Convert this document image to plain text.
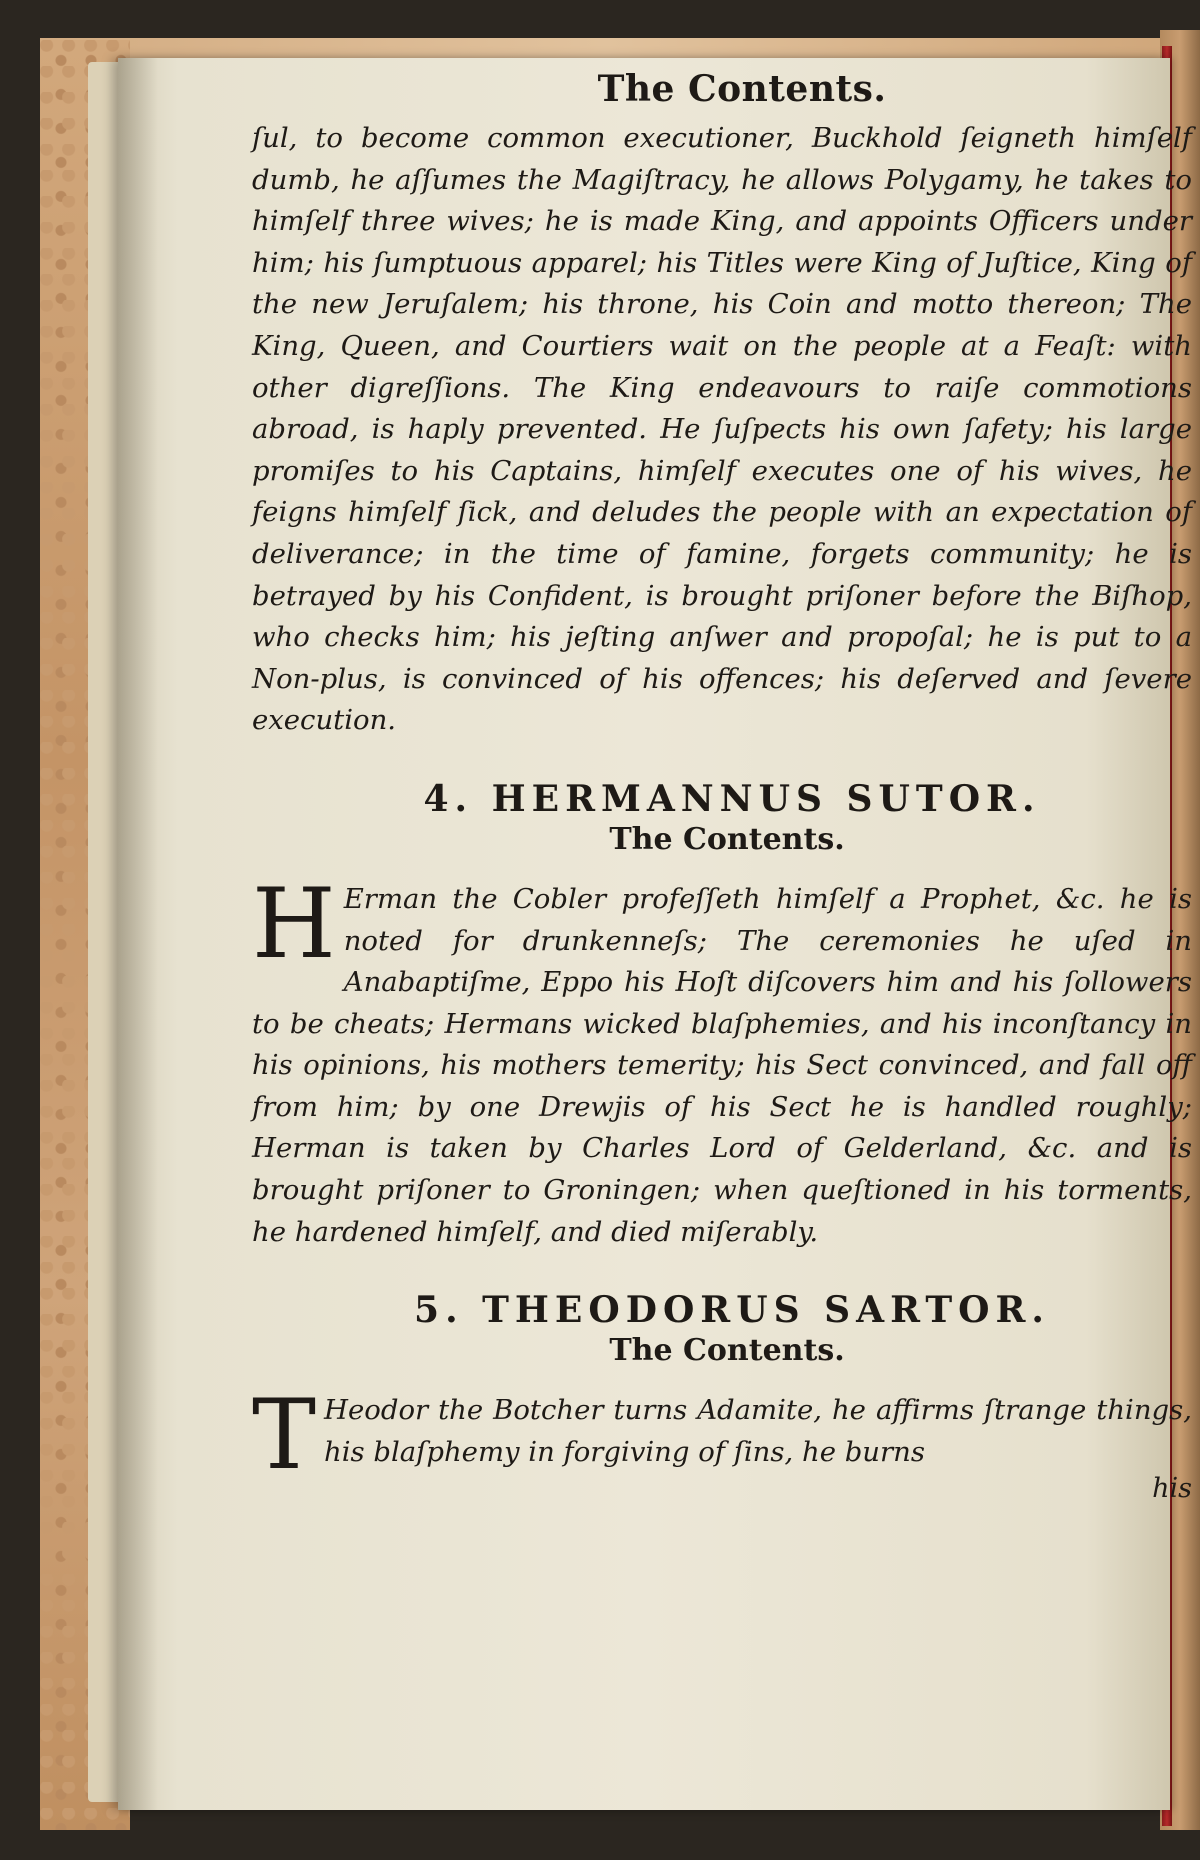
The Contents.

ſul, to become common executioner, Buckhold ſeigneth himſelf dumb, he aſſumes the Magiſtracy, he allows Polygamy, he takes to himſelf three wives; he is made King, and appoints Officers under him; his ſumptuous apparel; his Titles were King of Juſtice, King of the new Jeruſalem; his throne, his Coin and motto thereon; The King, Queen, and Courtiers wait on the people at a Feaſt: with other digreſſions. The King endeavours to raiſe commotions abroad, is haply prevented. He ſuſpects his own ſafety; his large promiſes to his Captains, himſelf executes one of his wives, he feigns himſelf ſick, and deludes the people with an expectation of deliverance; in the time of famine, forgets community; he is betrayed by his Confident, is brought priſoner before the Biſhop, who checks him; his jeſting anſwer and propoſal; he is put to a Non-plus, is convinced of his offences; his deſerved and ſevere execution.

4. HERMANNUS SUTOR.
The Contents.

H Erman the Cobler profeſſeth himſelf a Prophet, &c. he is noted for drunkenneſs; The ceremonies he uſed in Anabaptiſme, Eppo his Hoſt diſcovers him and his ſollowers to be cheats; Hermans wicked blaſphemies, and his inconſtancy in his opinions, his mothers temerity; his Sect convinced, and fall off from him; by one Drewjis of his Sect he is handled roughly; Herman is taken by Charles Lord of Gelderland, &c. and is brought priſoner to Groningen; when queſtioned in his torments, he hardened himſelf, and died miſerably.

5. THEODORUS SARTOR.
The Contents.

T Heodor the Botcher turns Adamite, he affirms ſtrange things, his blaſphemy in forgiving of ſins, he burns

his
